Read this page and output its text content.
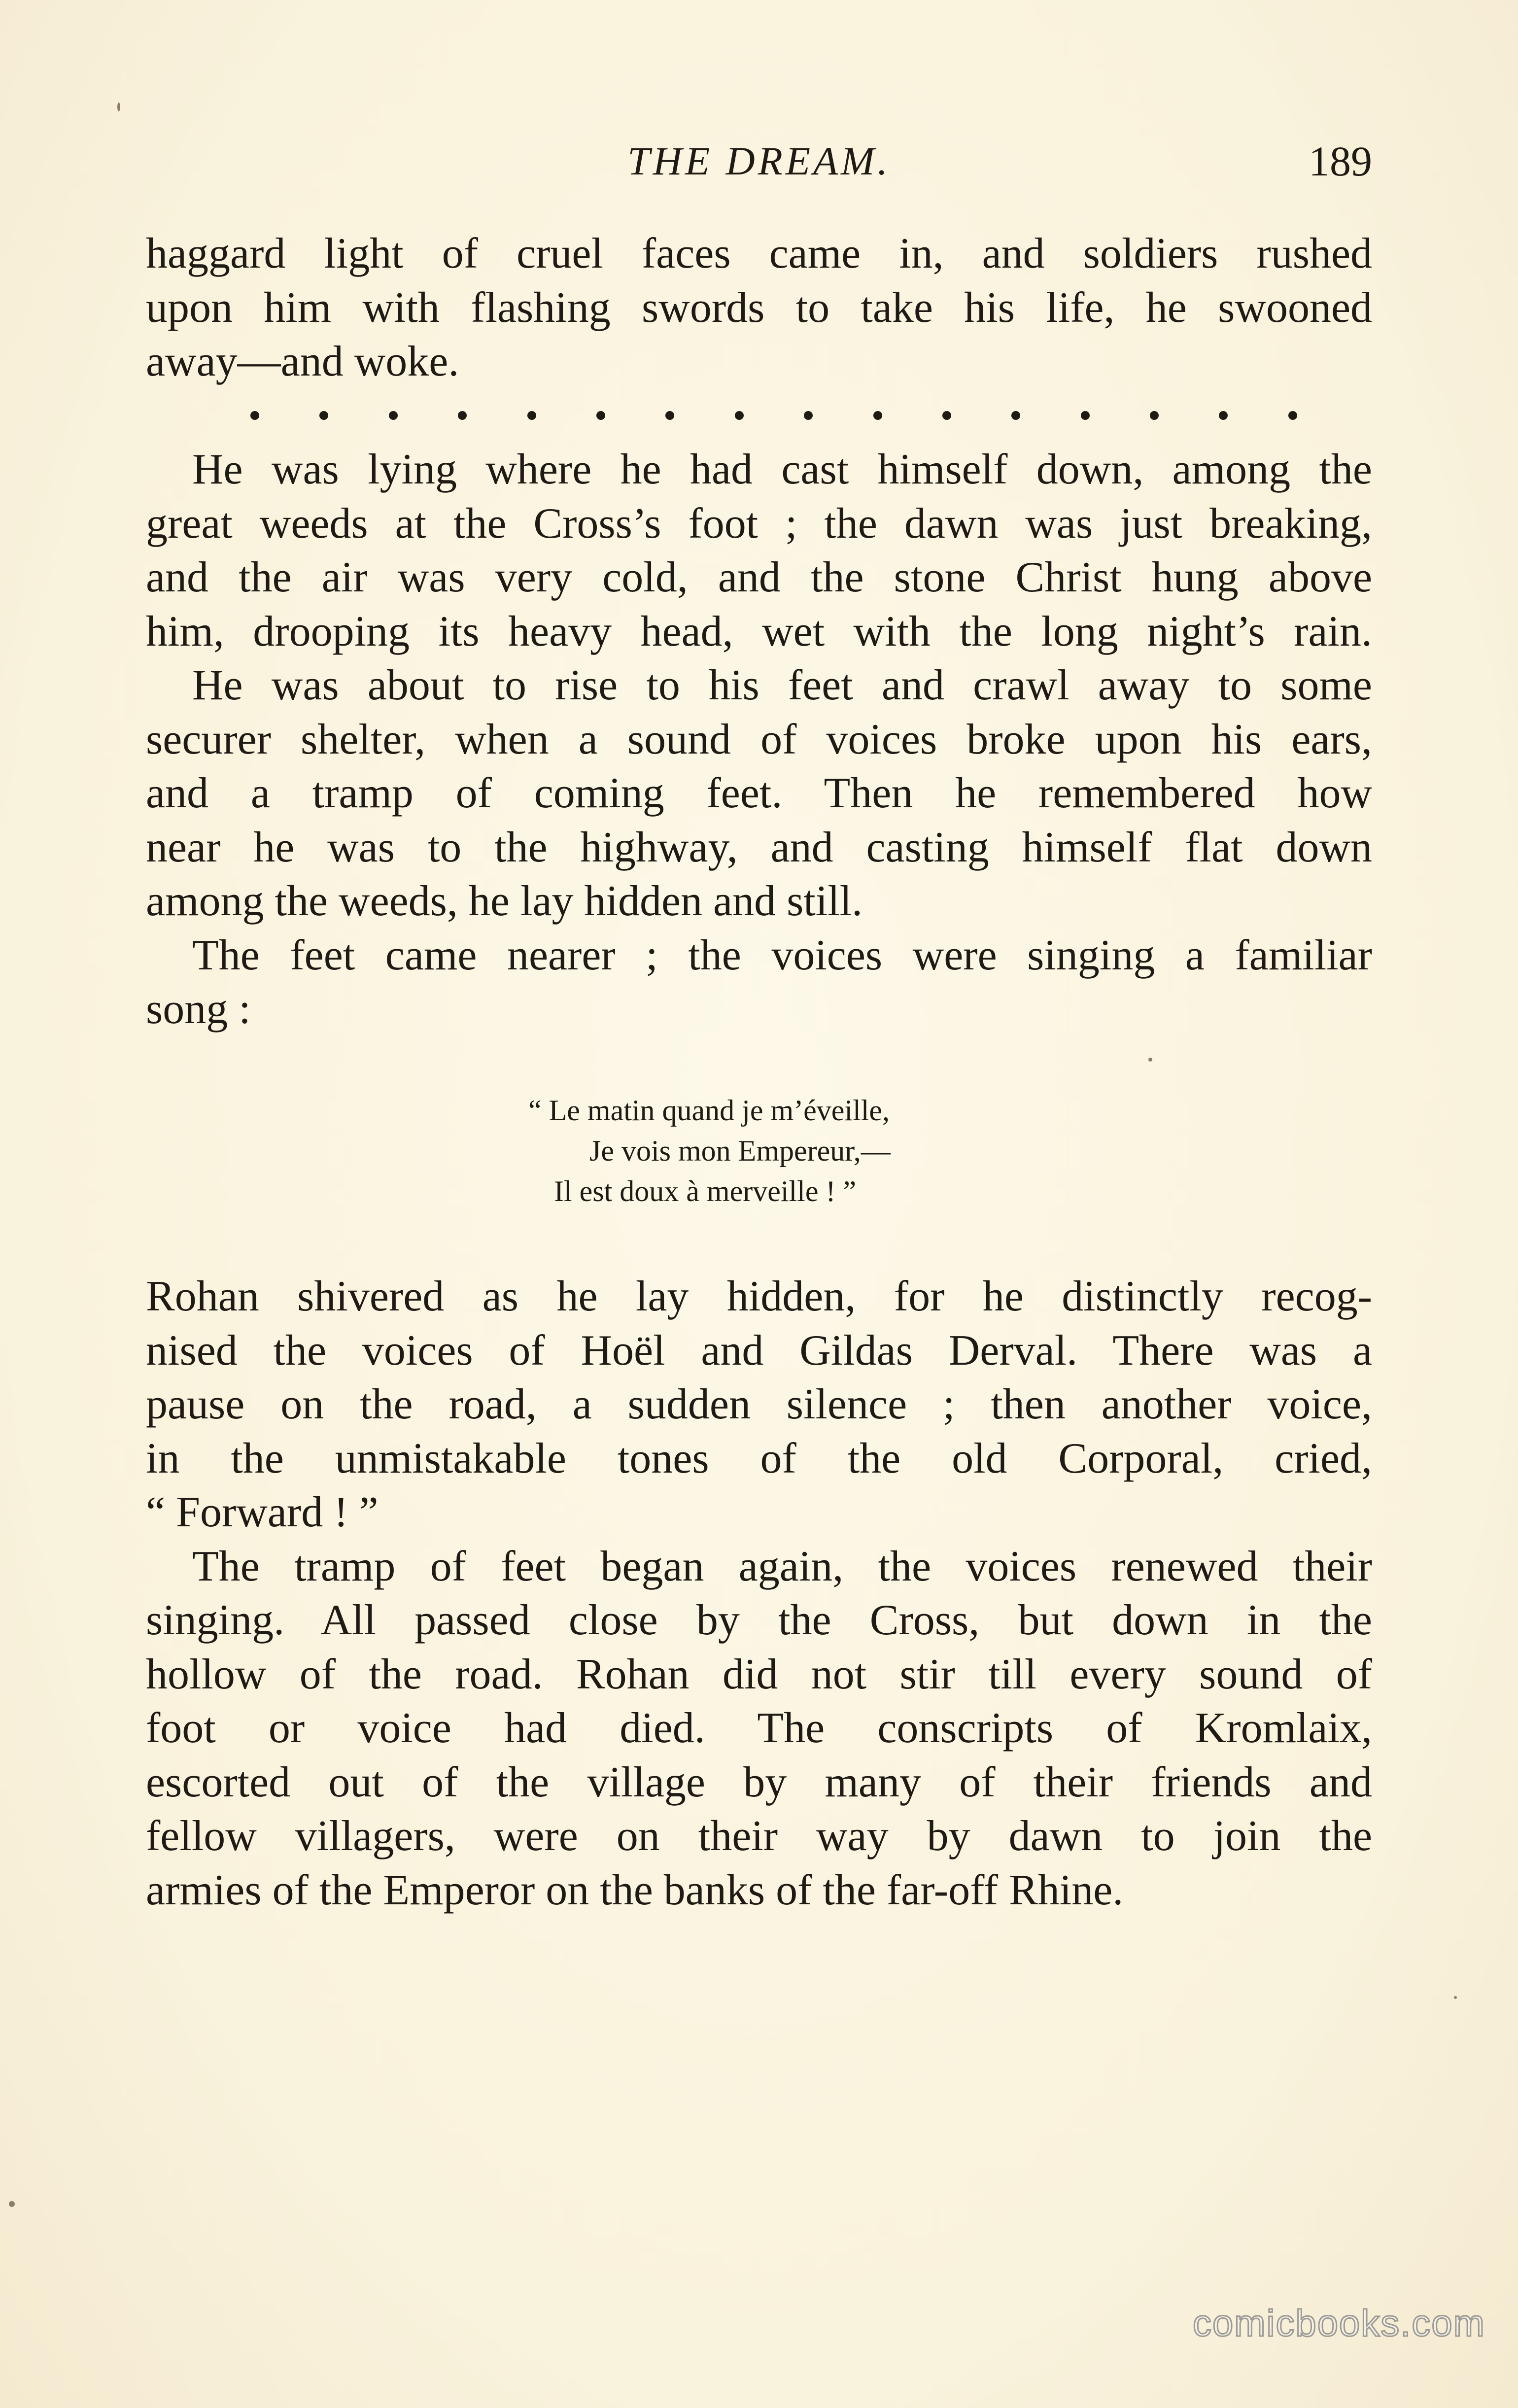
THE DREAM.	189
haggard light of cruel faces came in, and soldiers rushed
upon him with flashing swords to take his life, he swooned
away—and woke.
He was lying where he had cast himself down, among the
great weeds at the Cross’s foot ; the dawn was just breaking,
and the air was very cold, and the stone Christ hung above
him, drooping its heavy head, wet with the long night’s rain.
He was about to rise to his feet and crawl away to some
securer shelter, when a sound of voices broke upon his ears,
and a tramp of coming feet. Then he remembered how
near he was to the highway, and casting himself flat down
among the weeds, he lay hidden and still.
The feet came nearer ; the voices were singing a familiar
song :
“ Le matin quand je m’éveille,
Je vois mon Empereur,—
Il est doux à merveille ! ”
Rohan shivered as he lay hidden, for he distinctly recog-
nised the voices of Hoël and Gildas Derval. There was a
pause on the road, a sudden silence ; then another voice,
in the unmistakable tones of the old Corporal, cried,
“ Forward ! ”
The tramp of feet began again, the voices renewed their
singing. All passed close by the Cross, but down in the
hollow of the road. Rohan did not stir till every sound of
foot or voice had died. The conscripts of Kromlaix,
escorted out of the village by many of their friends and
fellow villagers, were on their way by dawn to join the
armies of the Emperor on the banks of the far-off Rhine.
comicbooks.com
